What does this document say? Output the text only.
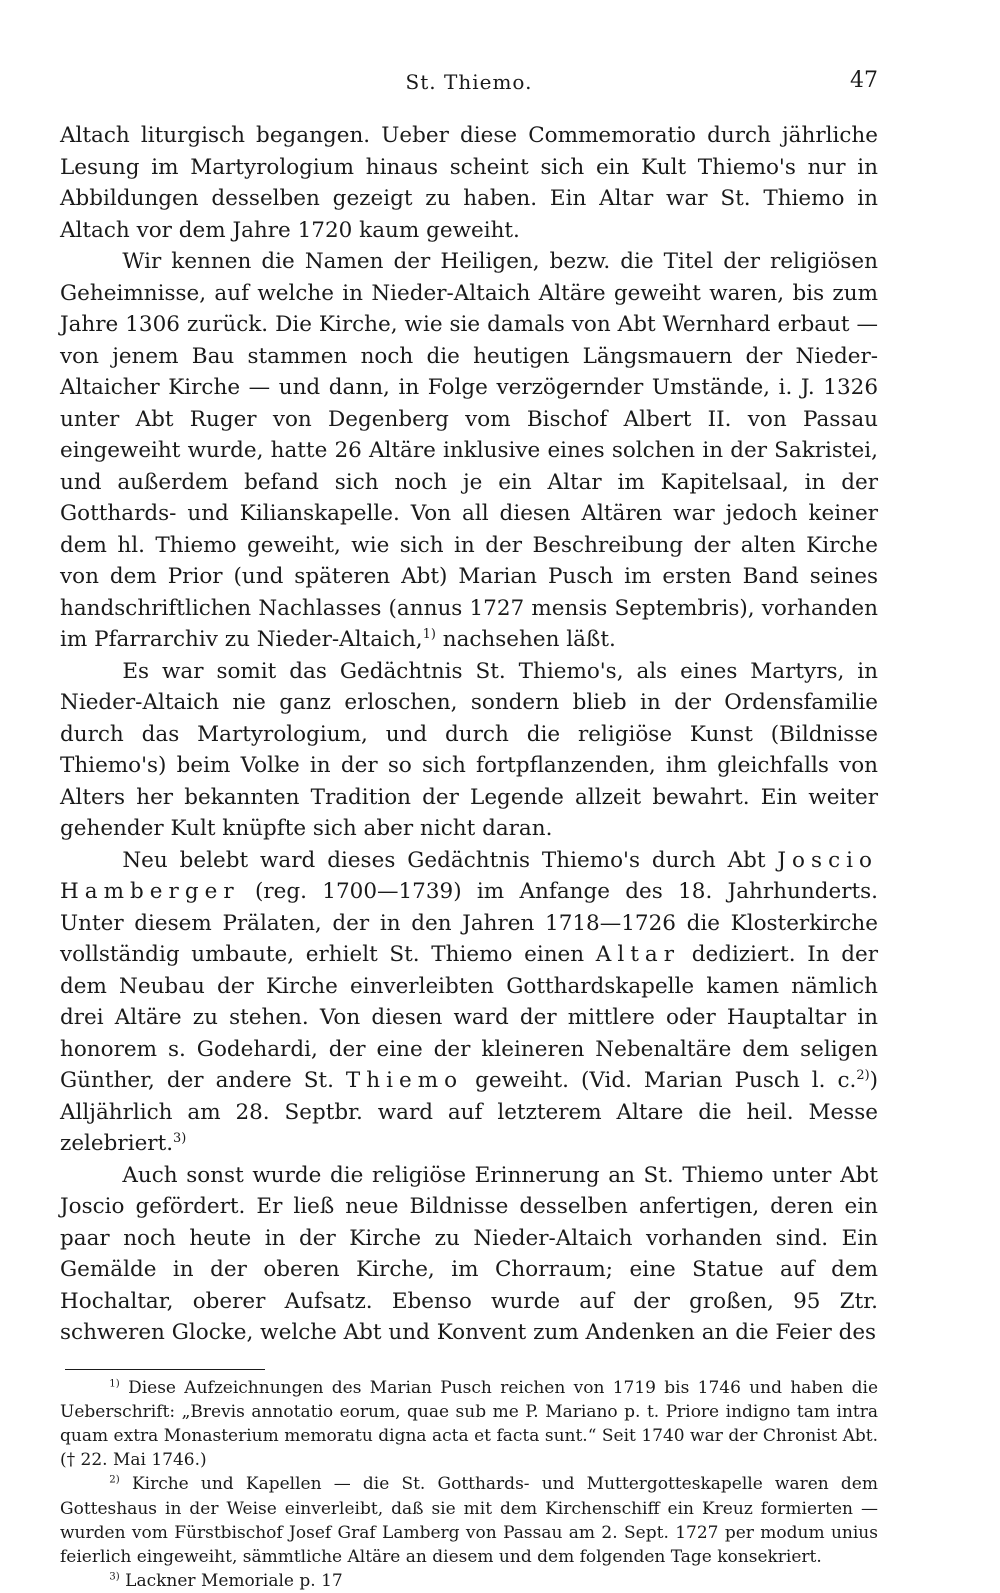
St. Thiemo.	47

Altach liturgisch begangen. Ueber diese Commemoratio durch jährliche Lesung im Martyrologium hinaus scheint sich ein Kult Thiemo's nur in Abbildungen desselben gezeigt zu haben. Ein Altar war St. Thiemo in Altach vor dem Jahre 1720 kaum geweiht.

Wir kennen die Namen der Heiligen, bezw. die Titel der religiösen Geheimnisse, auf welche in Nieder-Altaich Altäre geweiht waren, bis zum Jahre 1306 zurück. Die Kirche, wie sie damals von Abt Wernhard erbaut — von jenem Bau stammen noch die heutigen Längsmauern der Nieder-Altaicher Kirche — und dann, in Folge verzögernder Umstände, i. J. 1326 unter Abt Ruger von Degenberg vom Bischof Albert II. von Passau eingeweiht wurde, hatte 26 Altäre inklusive eines solchen in der Sakristei, und außerdem befand sich noch je ein Altar im Kapitelsaal, in der Gotthards- und Kilianskapelle. Von all diesen Altären war jedoch keiner dem hl. Thiemo geweiht, wie sich in der Beschreibung der alten Kirche von dem Prior (und späteren Abt) Marian Pusch im ersten Band seines handschriftlichen Nachlasses (annus 1727 mensis Septembris), vorhanden im Pfarrarchiv zu Nieder-Altaich,$^{1)}$ nachsehen läßt.

Es war somit das Gedächtnis St. Thiemo's, als eines Martyrs, in Nieder-Altaich nie ganz erloschen, sondern blieb in der Ordensfamilie durch das Martyrologium, und durch die religiöse Kunst (Bildnisse Thiemo's) beim Volke in der so sich fortpflanzenden, ihm gleichfalls von Alters her bekannten Tradition der Legende allzeit bewahrt. Ein weiter gehender Kult knüpfte sich aber nicht daran.

Neu belebt ward dieses Gedächtnis Thiemo's durch Abt Joscio Hamberger (reg. 1700—1739) im Anfange des 18. Jahrhunderts. Unter diesem Prälaten, der in den Jahren 1718—1726 die Klosterkirche vollständig umbaute, erhielt St. Thiemo einen Altar dediziert. In der dem Neubau der Kirche einverleibten Gotthardskapelle kamen nämlich drei Altäre zu stehen. Von diesen ward der mittlere oder Hauptaltar in honorem s. Godehardi, der eine der kleineren Nebenaltäre dem seligen Günther, der andere St. Thiemo geweiht. (Vid. Marian Pusch l. c.$^{2)}$) Alljährlich am 28. Septbr. ward auf letzterem Altare die heil. Messe zelebriert.$^{3)}$

Auch sonst wurde die religiöse Erinnerung an St. Thiemo unter Abt Joscio gefördert. Er ließ neue Bildnisse desselben anfertigen, deren ein paar noch heute in der Kirche zu Nieder-Altaich vorhanden sind. Ein Gemälde in der oberen Kirche, im Chorraum; eine Statue auf dem Hochaltar, oberer Aufsatz. Ebenso wurde auf der großen, 95 Ztr. schweren Glocke, welche Abt und Konvent zum Andenken an die Feier des

$^{1)}$ Diese Aufzeichnungen des Marian Pusch reichen von 1719 bis 1746 und haben die Ueberschrift: „Brevis annotatio eorum, quae sub me P. Mariano p. t. Priore indigno tam intra quam extra Monasterium memoratu digna acta et facta sunt.“ Seit 1740 war der Chronist Abt. († 22. Mai 1746.)

$^{2)}$ Kirche und Kapellen — die St. Gotthards- und Muttergotteskapelle waren dem Gotteshaus in der Weise einverleibt, daß sie mit dem Kirchenschiff ein Kreuz formierten — wurden vom Fürstbischof Josef Graf Lamberg von Passau am 2. Sept. 1727 per modum unius feierlich eingeweiht, sämmtliche Altäre an diesem und dem folgenden Tage konsekriert.

$^{3)}$ Lackner Memoriale p. 17
